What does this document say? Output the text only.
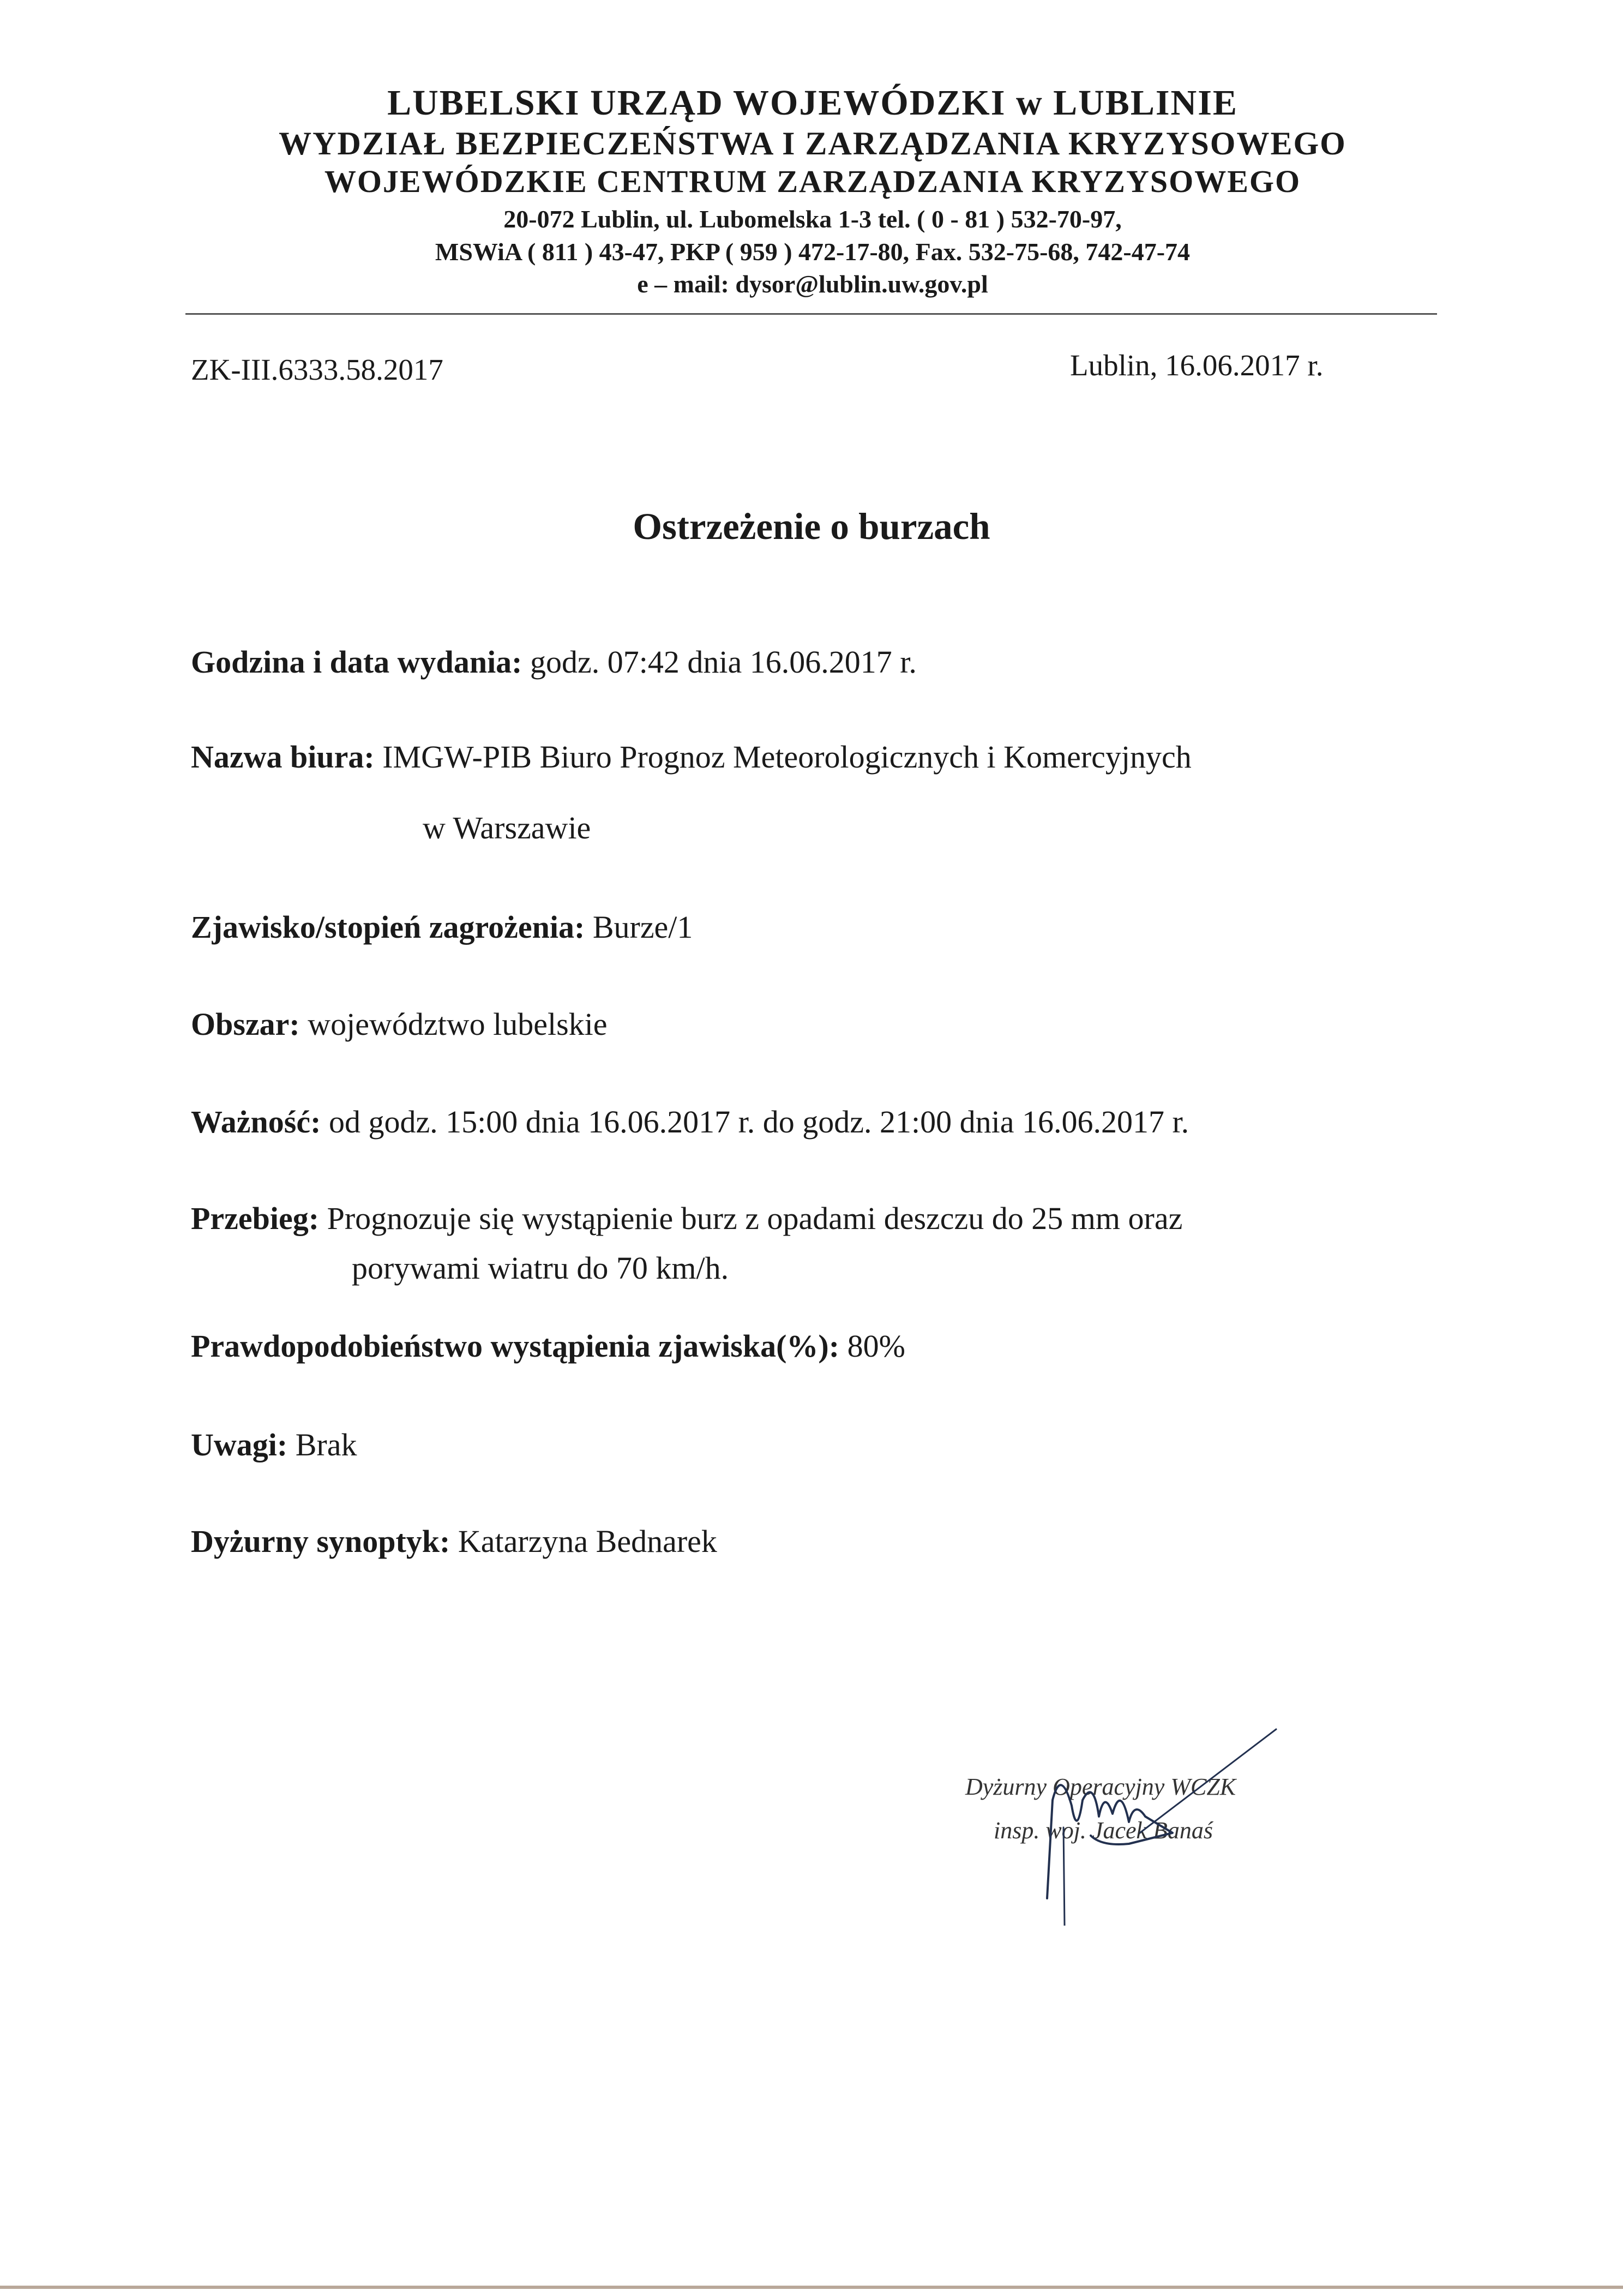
LUBELSKI URZĄD WOJEWÓDZKI w LUBLINIE
WYDZIAŁ BEZPIECZEŃSTWA I ZARZĄDZANIA KRYZYSOWEGO
WOJEWÓDZKIE CENTRUM ZARZĄDZANIA KRYZYSOWEGO
20-072 Lublin, ul. Lubomelska 1-3 tel. ( 0 - 81 ) 532-70-97,
MSWiA ( 811 ) 43-47, PKP ( 959 ) 472-17-80, Fax. 532-75-68, 742-47-74
e – mail: dysor@lublin.uw.gov.pl
ZK-III.6333.58.2017	Lublin, 16.06.2017 r.
Ostrzeżenie o burzach
Godzina i data wydania: godz. 07:42 dnia 16.06.2017 r.
Nazwa biura: IMGW-PIB Biuro Prognoz Meteorologicznych i Komercyjnych
w Warszawie
Zjawisko/stopień zagrożenia: Burze/1
Obszar: województwo lubelskie
Ważność: od godz. 15:00 dnia 16.06.2017 r. do godz. 21:00 dnia 16.06.2017 r.
Przebieg: Prognozuje się wystąpienie burz z opadami deszczu do 25 mm oraz
porywami wiatru do 70 km/h.
Prawdopodobieństwo wystąpienia zjawiska(%): 80%
Uwagi: Brak
Dyżurny synoptyk: Katarzyna Bednarek
Dyżurny Operacyjny WCZK
insp. woj. Jacek Banaś
